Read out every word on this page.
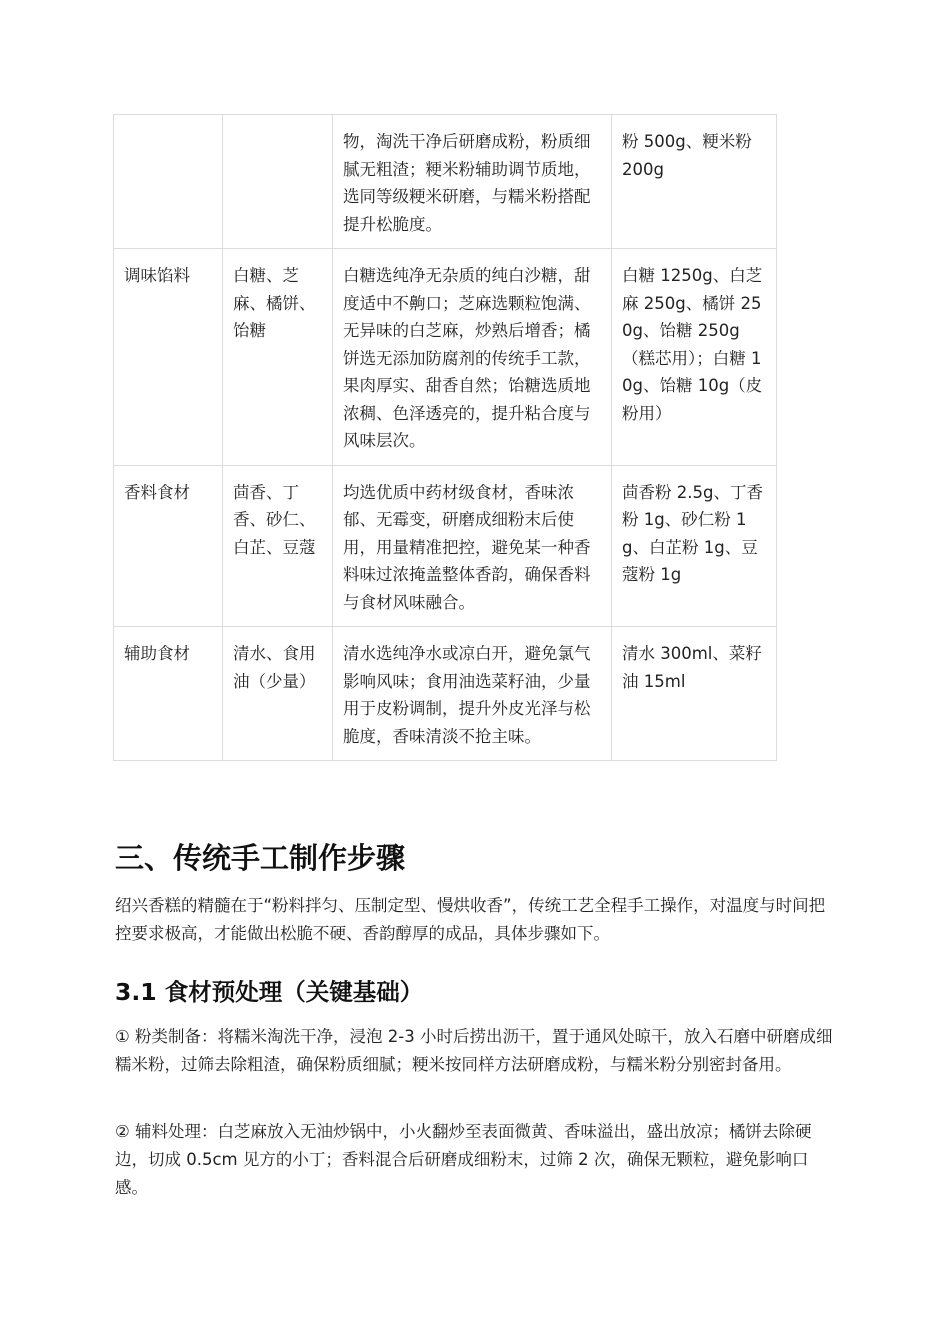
		物，淘洗干净后研磨成粉，粉质细腻无粗渣；粳米粉辅助调节质地，选同等级粳米研磨，与糯米粉搭配提升松脆度。	粉 500g、粳米粉 200g
调味馅料	白糖、芝麻、橘饼、饴糖	白糖选纯净无杂质的纯白沙糖，甜度适中不齁口；芝麻选颗粒饱满、无异味的白芝麻，炒熟后增香；橘饼选无添加防腐剂的传统手工款，果肉厚实、甜香自然；饴糖选质地浓稠、色泽透亮的，提升粘合度与风味层次。	白糖 1250g、白芝麻 250g、橘饼 250g、饴糖 250g（糕芯用）；白糖 10g、饴糖 10g（皮粉用）
香料食材	茴香、丁香、砂仁、白芷、豆蔻	均选优质中药材级食材，香味浓郁、无霉变，研磨成细粉末后使用，用量精准把控，避免某一种香料味过浓掩盖整体香韵，确保香料与食材风味融合。	茴香粉 2.5g、丁香粉 1g、砂仁粉 1g、白芷粉 1g、豆蔻粉 1g
辅助食材	清水、食用油（少量）	清水选纯净水或凉白开，避免氯气影响风味；食用油选菜籽油，少量用于皮粉调制，提升外皮光泽与松脆度，香味清淡不抢主味。	清水 300ml、菜籽油 15ml
三、传统手工制作步骤

绍兴香糕的精髓在于“粉料拌匀、压制定型、慢烘收香”，传统工艺全程手工操作，对温度与时间把控要求极高，才能做出松脆不硬、香韵醇厚的成品，具体步骤如下。

3.1 食材预处理（关键基础）

① 粉类制备：将糯米淘洗干净，浸泡 2-3 小时后捞出沥干，置于通风处晾干，放入石磨中研磨成细糯米粉，过筛去除粗渣，确保粉质细腻；粳米按同样方法研磨成粉，与糯米粉分别密封备用。

② 辅料处理：白芝麻放入无油炒锅中，小火翻炒至表面微黄、香味溢出，盛出放凉；橘饼去除硬边，切成 0.5cm 见方的小丁；香料混合后研磨成细粉末，过筛 2 次，确保无颗粒，避免影响口感。
